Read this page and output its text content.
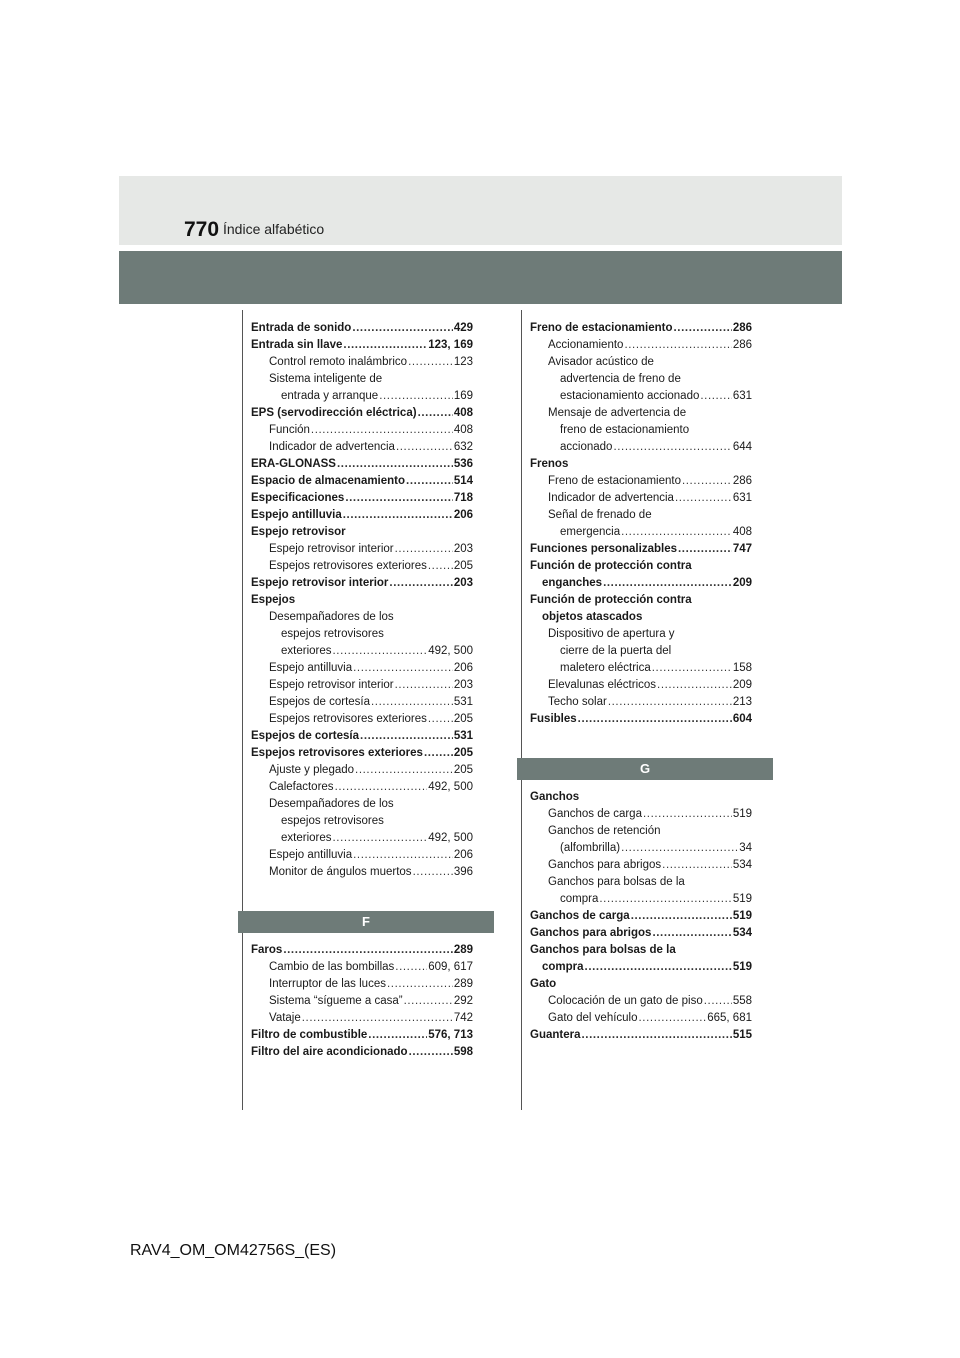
770 Índice alfabético
Entrada de sonido .....	429
Entrada sin llave .....	123, 169
Control remoto inalámbrico .....	123
Sistema inteligente de
entrada y arranque .....	169
EPS (servodirección eléctrica) .....	408
Función .....	408
Indicador de advertencia .....	632
ERA-GLONASS .....	536
Espacio de almacenamiento .....	514
Especificaciones .....	718
Espejo antilluvia .....	206
Espejo retrovisor
Espejo retrovisor interior .....	203
Espejos retrovisores exteriores ..... 205
Espejo retrovisor interior .....	203
Espejos
Desempañadores de los
espejos retrovisores
exteriores .....	492, 500
Espejo antilluvia .....	206
Espejo retrovisor interior .....	203
Espejos de cortesía .....	531
Espejos retrovisores exteriores ..... 205
Espejos de cortesía .....	531
Espejos retrovisores exteriores .....	205
Ajuste y plegado .....	205
Calefactores .....	492, 500
Desempañadores de los
espejos retrovisores
exteriores .....	492, 500
Espejo antilluvia .....	206
Monitor de ángulos muertos .....	396
F
Faros .....	289
Cambio de las bombillas .....	609, 617
Interruptor de las luces .....	289
Sistema “sígueme a casa” .....	292
Vataje .....	742
Filtro de combustible .....	576, 713
Filtro del aire acondicionado .....	598
Freno de estacionamiento .....	286
Accionamiento .....	286
Avisador acústico de
advertencia de freno de
estacionamiento accionado .....	631
Mensaje de advertencia de
freno de estacionamiento
accionado .....	644
Frenos
Freno de estacionamiento .....	286
Indicador de advertencia .....	631
Señal de frenado de
emergencia .....	408
Funciones personalizables .....	747
Función de protección contra
enganches .....	209
Función de protección contra
objetos atascados
Dispositivo de apertura y
cierre de la puerta del
maletero eléctrica .....	158
Elevalunas eléctricos .....	209
Techo solar .....	213
Fusibles .....	604
G
Ganchos
Ganchos de carga .....	519
Ganchos de retención
(alfombrilla) .....	34
Ganchos para abrigos .....	534
Ganchos para bolsas de la
compra .....	519
Ganchos de carga .....	519
Ganchos para abrigos .....	534
Ganchos para bolsas de la
compra .....	519
Gato
Colocación de un gato de piso .....	558
Gato del vehículo .....	665, 681
Guantera .....	515
RAV4_OM_OM42756S_(ES)
